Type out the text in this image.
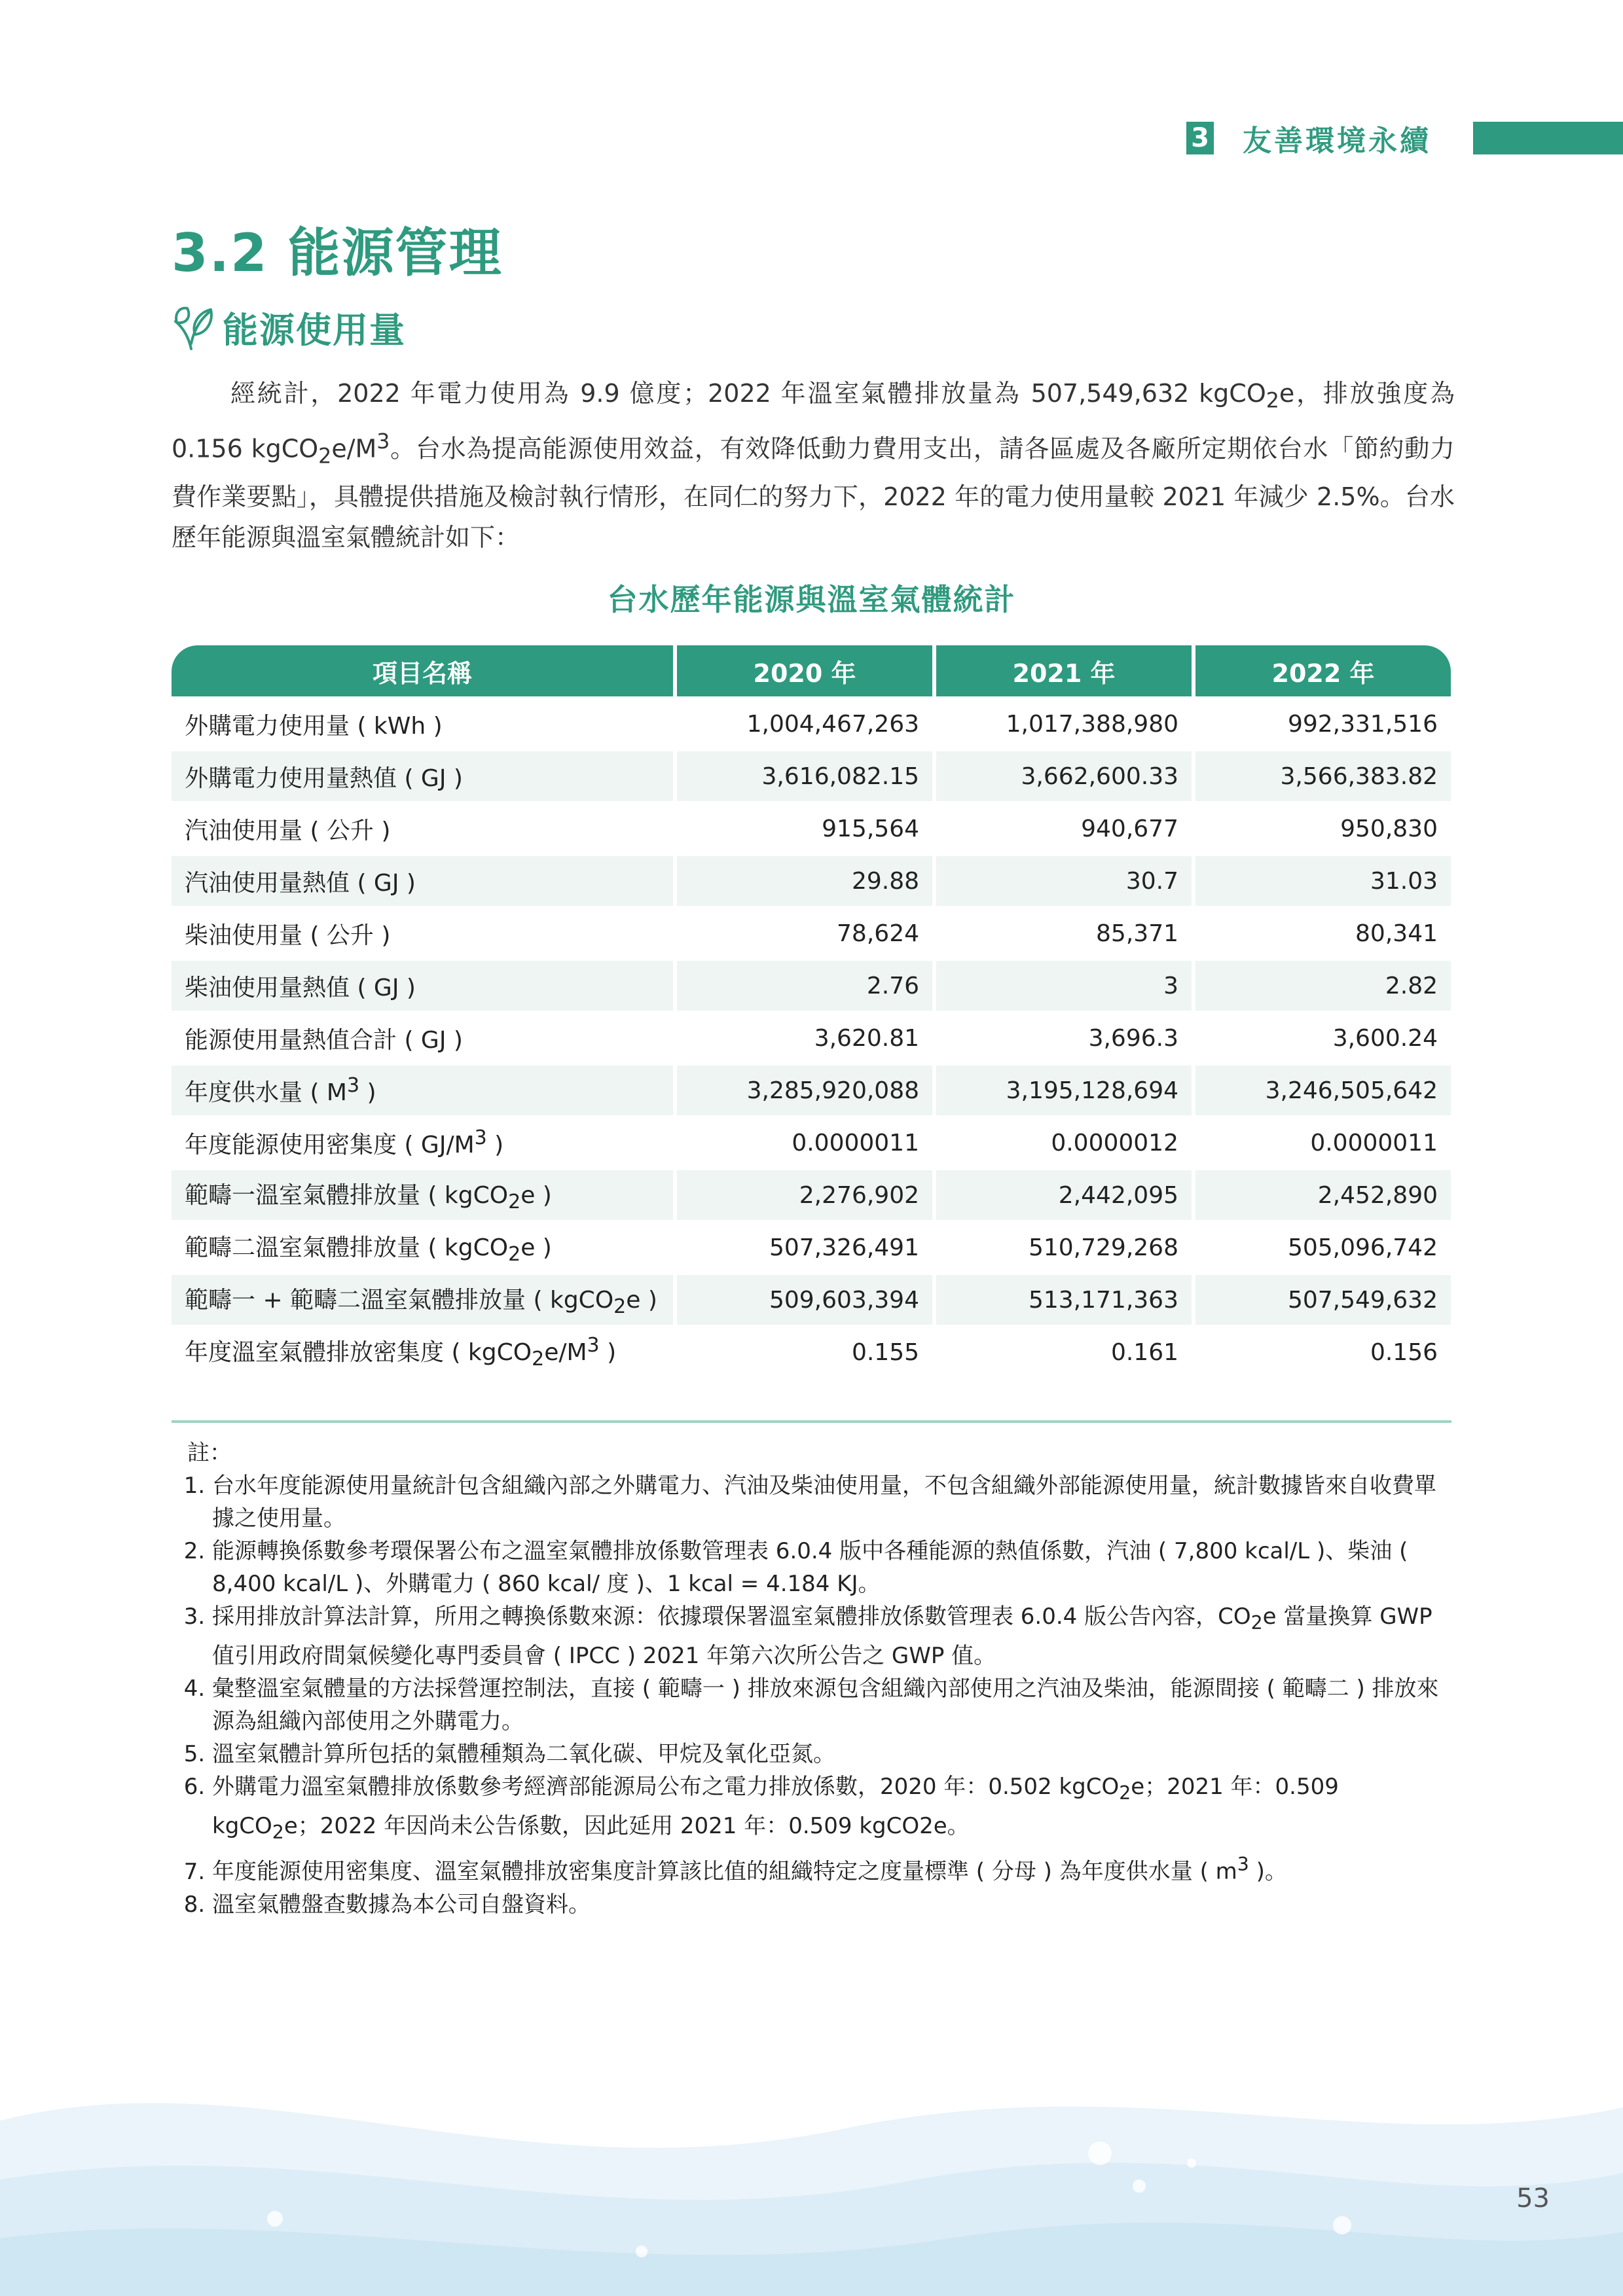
3 友善環境永續
3.2 能源管理
能源使用量

經統計，2022 年電力使用為 9.9 億度；2022 年溫室氣體排放量為 507,549,632 kgCO$_2$e，排放強度為 0.156 $kgCO_2e/M^3$。台水為提高能源使用效益，有效降低動力費用支出，請各區處及各廠所定期依台水「節約動力費作業要點」，具體提供措施及檢討執行情形，在同仁的努力下，2022 年的電力使用量較 2021 年減少 2.5%。台水歷年能源與溫室氣體統計如下：

台水歷年能源與溫室氣體統計
項目名稱	2020 年	2021 年	2022 年
外購電力使用量 ( kWh )	1,004,467,263	1,017,388,980	992,331,516
外購電力使用量熱值 ( GJ )	3,616,082.15	3,662,600.33	3,566,383.82
汽油使用量 ( 公升 )	915,564	940,677	950,830
汽油使用量熱值 ( GJ )	29.88	30.7	31.03
柴油使用量 ( 公升 )	78,624	85,371	80,341
柴油使用量熱值 ( GJ )	2.76	3	2.82
能源使用量熱值合計 ( GJ )	3,620.81	3,696.3	3,600.24
年度供水量 ( $M^3$ )	3,285,920,088	3,195,128,694	3,246,505,642
年度能源使用密集度 ( $GJ/M^3$ )	0.0000011	0.0000012	0.0000011
範疇一溫室氣體排放量 ( kgCO$_2$e )	2,276,902	2,442,095	2,452,890
範疇二溫室氣體排放量 ( kgCO$_2$e )	507,326,491	510,729,268	505,096,742
範疇一 + 範疇二溫室氣體排放量 ( kgCO$_2$e )	509,603,394	513,171,363	507,549,632
年度溫室氣體排放密集度 ( $kgCO_2e/M^3$ )	0.155	0.161	0.156

註：

1. 台水年度能源使用量統計包含組織內部之外購電力、汽油及柴油使用量，不包含組織外部能源使用量，統計數據皆來自收費單據之使用量。
2. 能源轉換係數參考環保署公布之溫室氣體排放係數管理表 6.0.4 版中各種能源的熱值係數，汽油 ( 7,800 kcal/L )、柴油 ( 8,400 kcal/L )、外購電力 ( 860 kcal/ 度 )、1 kcal = 4.184 KJ。
3. 採用排放計算法計算，所用之轉換係數來源：依據環保署溫室氣體排放係數管理表 6.0.4 版公告內容，$CO_2e$ 當量換算 GWP 值引用政府間氣候變化專門委員會 ( IPCC ) 2021 年第六次所公告之 GWP 值。
4. 彙整溫室氣體量的方法採營運控制法，直接 ( 範疇一 ) 排放來源包含組織內部使用之汽油及柴油，能源間接 ( 範疇二 ) 排放來源為組織內部使用之外購電力。
5. 溫室氣體計算所包括的氣體種類為二氧化碳、甲烷及氧化亞氮。
6. 外購電力溫室氣體排放係數參考經濟部能源局公布之電力排放係數，2020 年：0.502 kgCO$_2$e；2021 年：0.509 kgCO$_2$e；2022 年因尚未公告係數，因此延用 2021 年：0.509 kgCO2e。
7. 年度能源使用密集度、溫室氣體排放密集度計算該比值的組織特定之度量標準 ( 分母 ) 為年度供水量 ( $m^3$ )。
8. 溫室氣體盤查數據為本公司自盤資料。
53
